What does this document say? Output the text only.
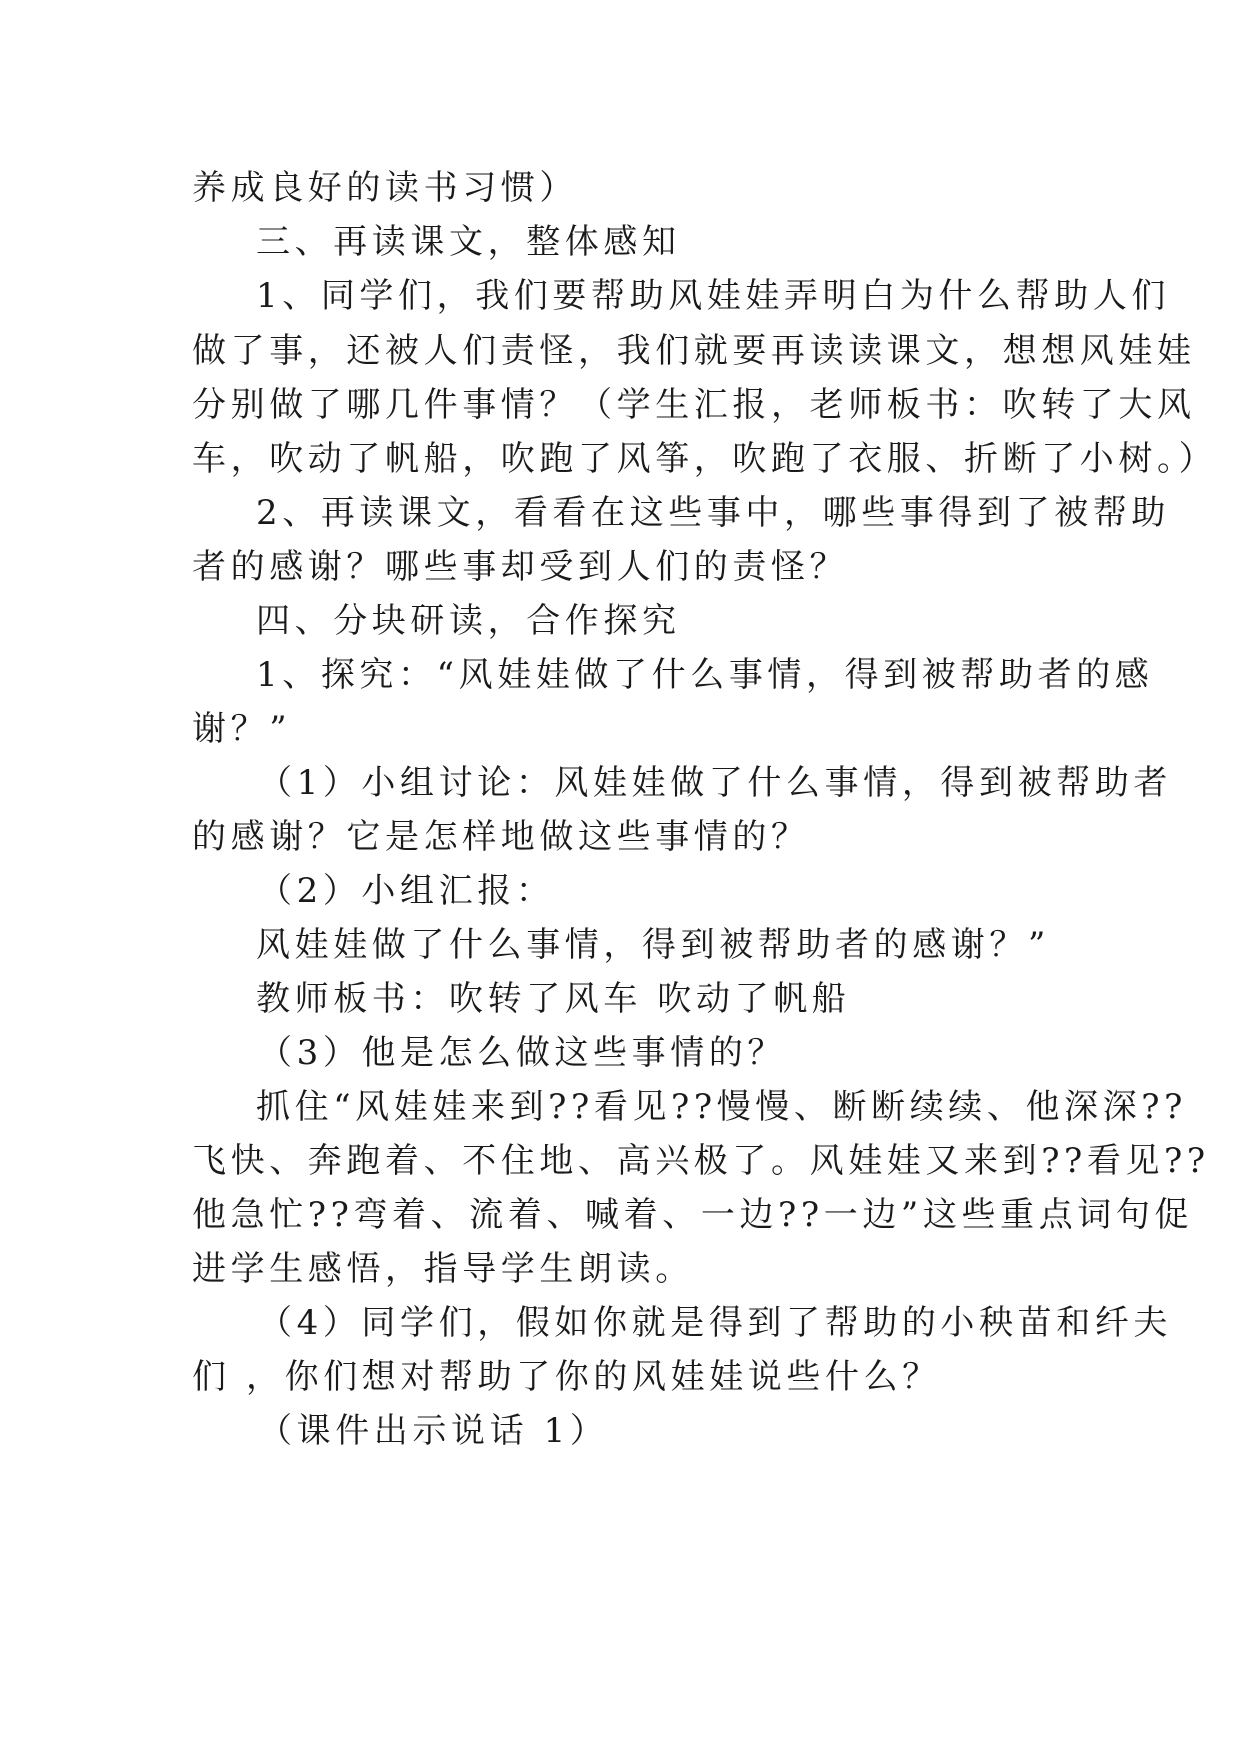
养成良好的读书习惯）
三、再读课文，整体感知
1、同学们，我们要帮助风娃娃弄明白为什么帮助人们
做了事，还被人们责怪，我们就要再读读课文，想想风娃娃
分别做了哪几件事情？（学生汇报，老师板书：吹转了大风
车，吹动了帆船，吹跑了风筝，吹跑了衣服、折断了小树。）
2、再读课文，看看在这些事中，哪些事得到了被帮助
者的感谢？哪些事却受到人们的责怪？
四、分块研读，合作探究
1、探究：“风娃娃做了什么事情，得到被帮助者的感
谢？”
（1）小组讨论：风娃娃做了什么事情，得到被帮助者
的感谢？它是怎样地做这些事情的？
（2）小组汇报：
风娃娃做了什么事情，得到被帮助者的感谢？”
教师板书：吹转了风车 吹动了帆船
（3）他是怎么做这些事情的？
抓住“风娃娃来到??看见??慢慢、断断续续、他深深??
飞快、奔跑着、不住地、高兴极了。风娃娃又来到??看见??
他急忙??弯着、流着、喊着、一边??一边”这些重点词句促
进学生感悟，指导学生朗读。
（4）同学们，假如你就是得到了帮助的小秧苗和纤夫
们 ，你们想对帮助了你的风娃娃说些什么？
（课件出示说话 1）
